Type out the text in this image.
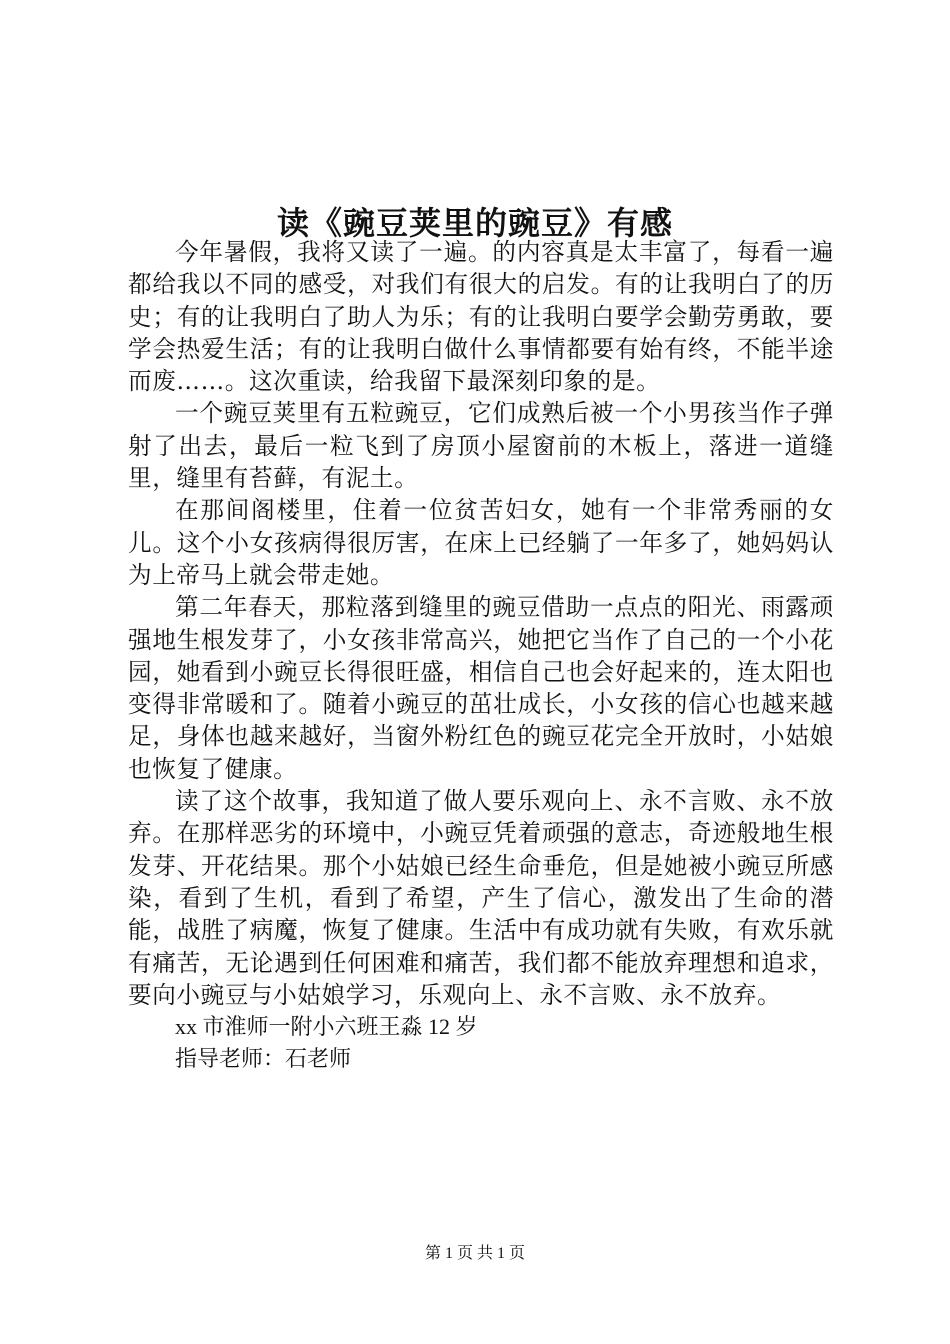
读《豌豆荚里的豌豆》有感

今年暑假，我将又读了一遍。的内容真是太丰富了，每看一遍都给我以不同的感受，对我们有很大的启发。有的让我明白了的历史；有的让我明白了助人为乐；有的让我明白要学会勤劳勇敢，要学会热爱生活；有的让我明白做什么事情都要有始有终，不能半途而废……。这次重读，给我留下最深刻印象的是。

一个豌豆荚里有五粒豌豆，它们成熟后被一个小男孩当作子弹射了出去，最后一粒飞到了房顶小屋窗前的木板上，落进一道缝里，缝里有苔藓，有泥土。

在那间阁楼里，住着一位贫苦妇女，她有一个非常秀丽的女儿。这个小女孩病得很厉害，在床上已经躺了一年多了，她妈妈认为上帝马上就会带走她。

第二年春天，那粒落到缝里的豌豆借助一点点的阳光、雨露顽强地生根发芽了，小女孩非常高兴，她把它当作了自己的一个小花园，她看到小豌豆长得很旺盛，相信自己也会好起来的，连太阳也变得非常暖和了。随着小豌豆的茁壮成长，小女孩的信心也越来越足，身体也越来越好，当窗外粉红色的豌豆花完全开放时，小姑娘也恢复了健康。

读了这个故事，我知道了做人要乐观向上、永不言败、永不放弃。在那样恶劣的环境中，小豌豆凭着顽强的意志，奇迹般地生根发芽、开花结果。那个小姑娘已经生命垂危，但是她被小豌豆所感染，看到了生机，看到了希望，产生了信心，激发出了生命的潜能，战胜了病魔，恢复了健康。生活中有成功就有失败，有欢乐就有痛苦，无论遇到任何困难和痛苦，我们都不能放弃理想和追求，要向小豌豆与小姑娘学习，乐观向上、永不言败、永不放弃。

xx 市淮师一附小六班王淼 12 岁

指导老师：石老师

第 1 页 共 1 页
